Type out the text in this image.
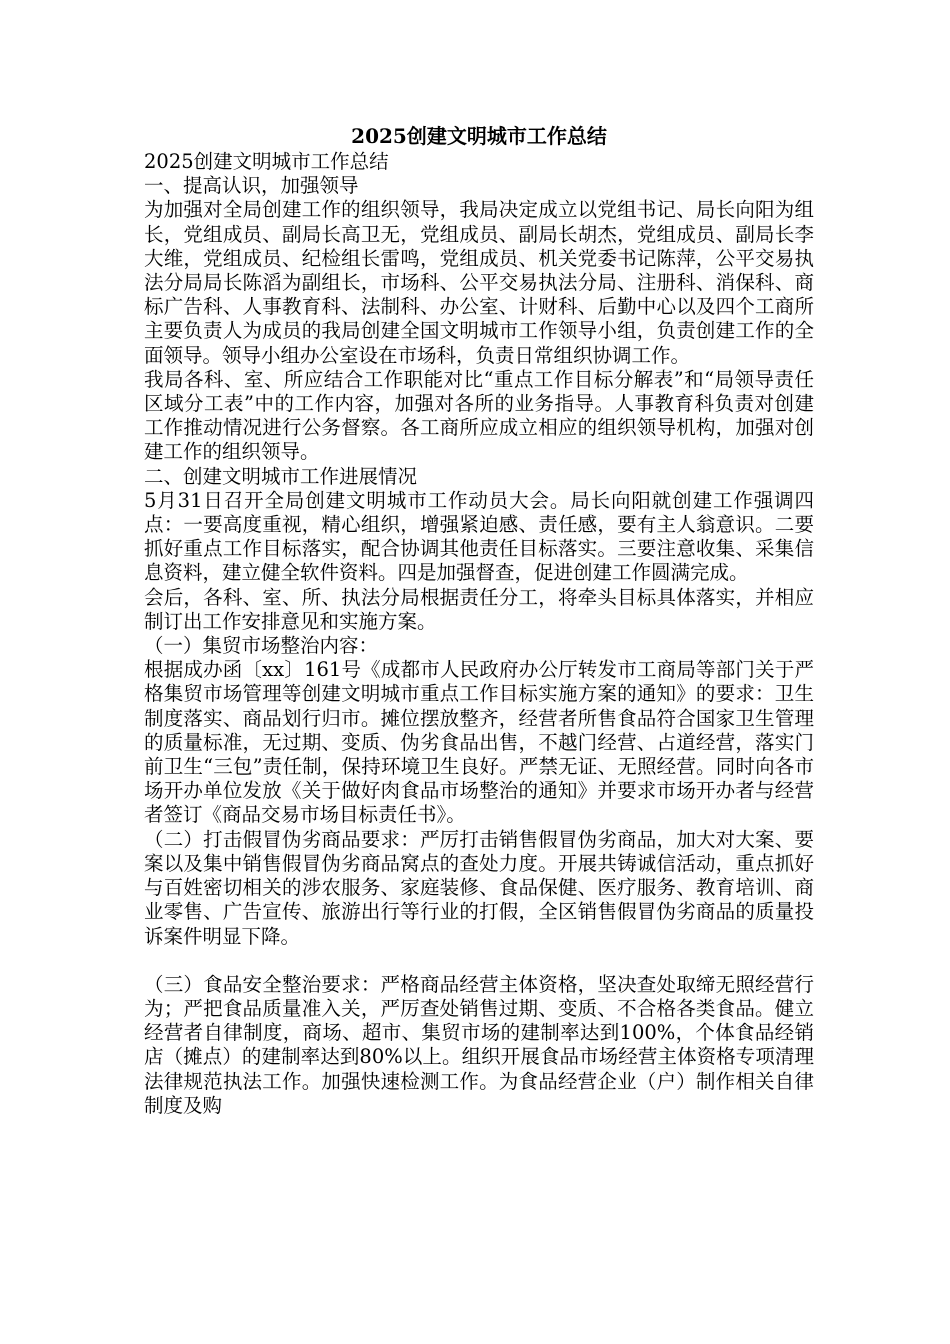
2025创建文明城市工作总结
2025创建文明城市工作总结
一、提高认识，加强领导
为加强对全局创建工作的组织领导，我局决定成立以党组书记、局长向阳为组长，党组成员、副局长高卫无，党组成员、副局长胡杰，党组成员、副局长李大维，党组成员、纪检组长雷鸣，党组成员、机关党委书记陈萍，公平交易执法分局局长陈滔为副组长，市场科、公平交易执法分局、注册科、消保科、商标广告科、人事教育科、法制科、办公室、计财科、后勤中心以及四个工商所主要负责人为成员的我局创建全国文明城市工作领导小组，负责创建工作的全面领导。领导小组办公室设在市场科，负责日常组织协调工作。
我局各科、室、所应结合工作职能对比“重点工作目标分解表”和“局领导责任区域分工表”中的工作内容，加强对各所的业务指导。人事教育科负责对创建工作推动情况进行公务督察。各工商所应成立相应的组织领导机构，加强对创建工作的组织领导。
二、创建文明城市工作进展情况
5月31日召开全局创建文明城市工作动员大会。局长向阳就创建工作强调四点：一要高度重视，精心组织，增强紧迫感、责任感，要有主人翁意识。二要抓好重点工作目标落实，配合协调其他责任目标落实。三要注意收集、采集信息资料，建立健全软件资料。四是加强督查，促进创建工作圆满完成。
会后，各科、室、所、执法分局根据责任分工，将牵头目标具体落实，并相应制订出工作安排意见和实施方案。
（一）集贸市场整治内容：
根据成办函〔xx〕161号《成都市人民政府办公厅转发市工商局等部门关于严格集贸市场管理等创建文明城市重点工作目标实施方案的通知》的要求：卫生制度落实、商品划行归市。摊位摆放整齐，经营者所售食品符合国家卫生管理的质量标准，无过期、变质、伪劣食品出售，不越门经营、占道经营，落实门前卫生“三包”责任制，保持环境卫生良好。严禁无证、无照经营。同时向各市场开办单位发放《关于做好肉食品市场整治的通知》并要求市场开办者与经营者签订《商品交易市场目标责任书》。
（二）打击假冒伪劣商品要求：严厉打击销售假冒伪劣商品，加大对大案、要案以及集中销售假冒伪劣商品窝点的查处力度。开展共铸诚信活动，重点抓好与百姓密切相关的涉农服务、家庭装修、食品保健、医疗服务、教育培训、商业零售、广告宣传、旅游出行等行业的打假，全区销售假冒伪劣商品的质量投诉案件明显下降。
（三）食品安全整治要求：严格商品经营主体资格，坚决查处取缔无照经营行为；严把食品质量准入关，严厉查处销售过期、变质、不合格各类食品。健立经营者自律制度，商场、超市、集贸市场的建制率达到100%，个体食品经销店（摊点）的建制率达到80%以上。组织开展食品市场经营主体资格专项清理法律规范执法工作。加强快速检测工作。为食品经营企业（户）制作相关自律制度及购
